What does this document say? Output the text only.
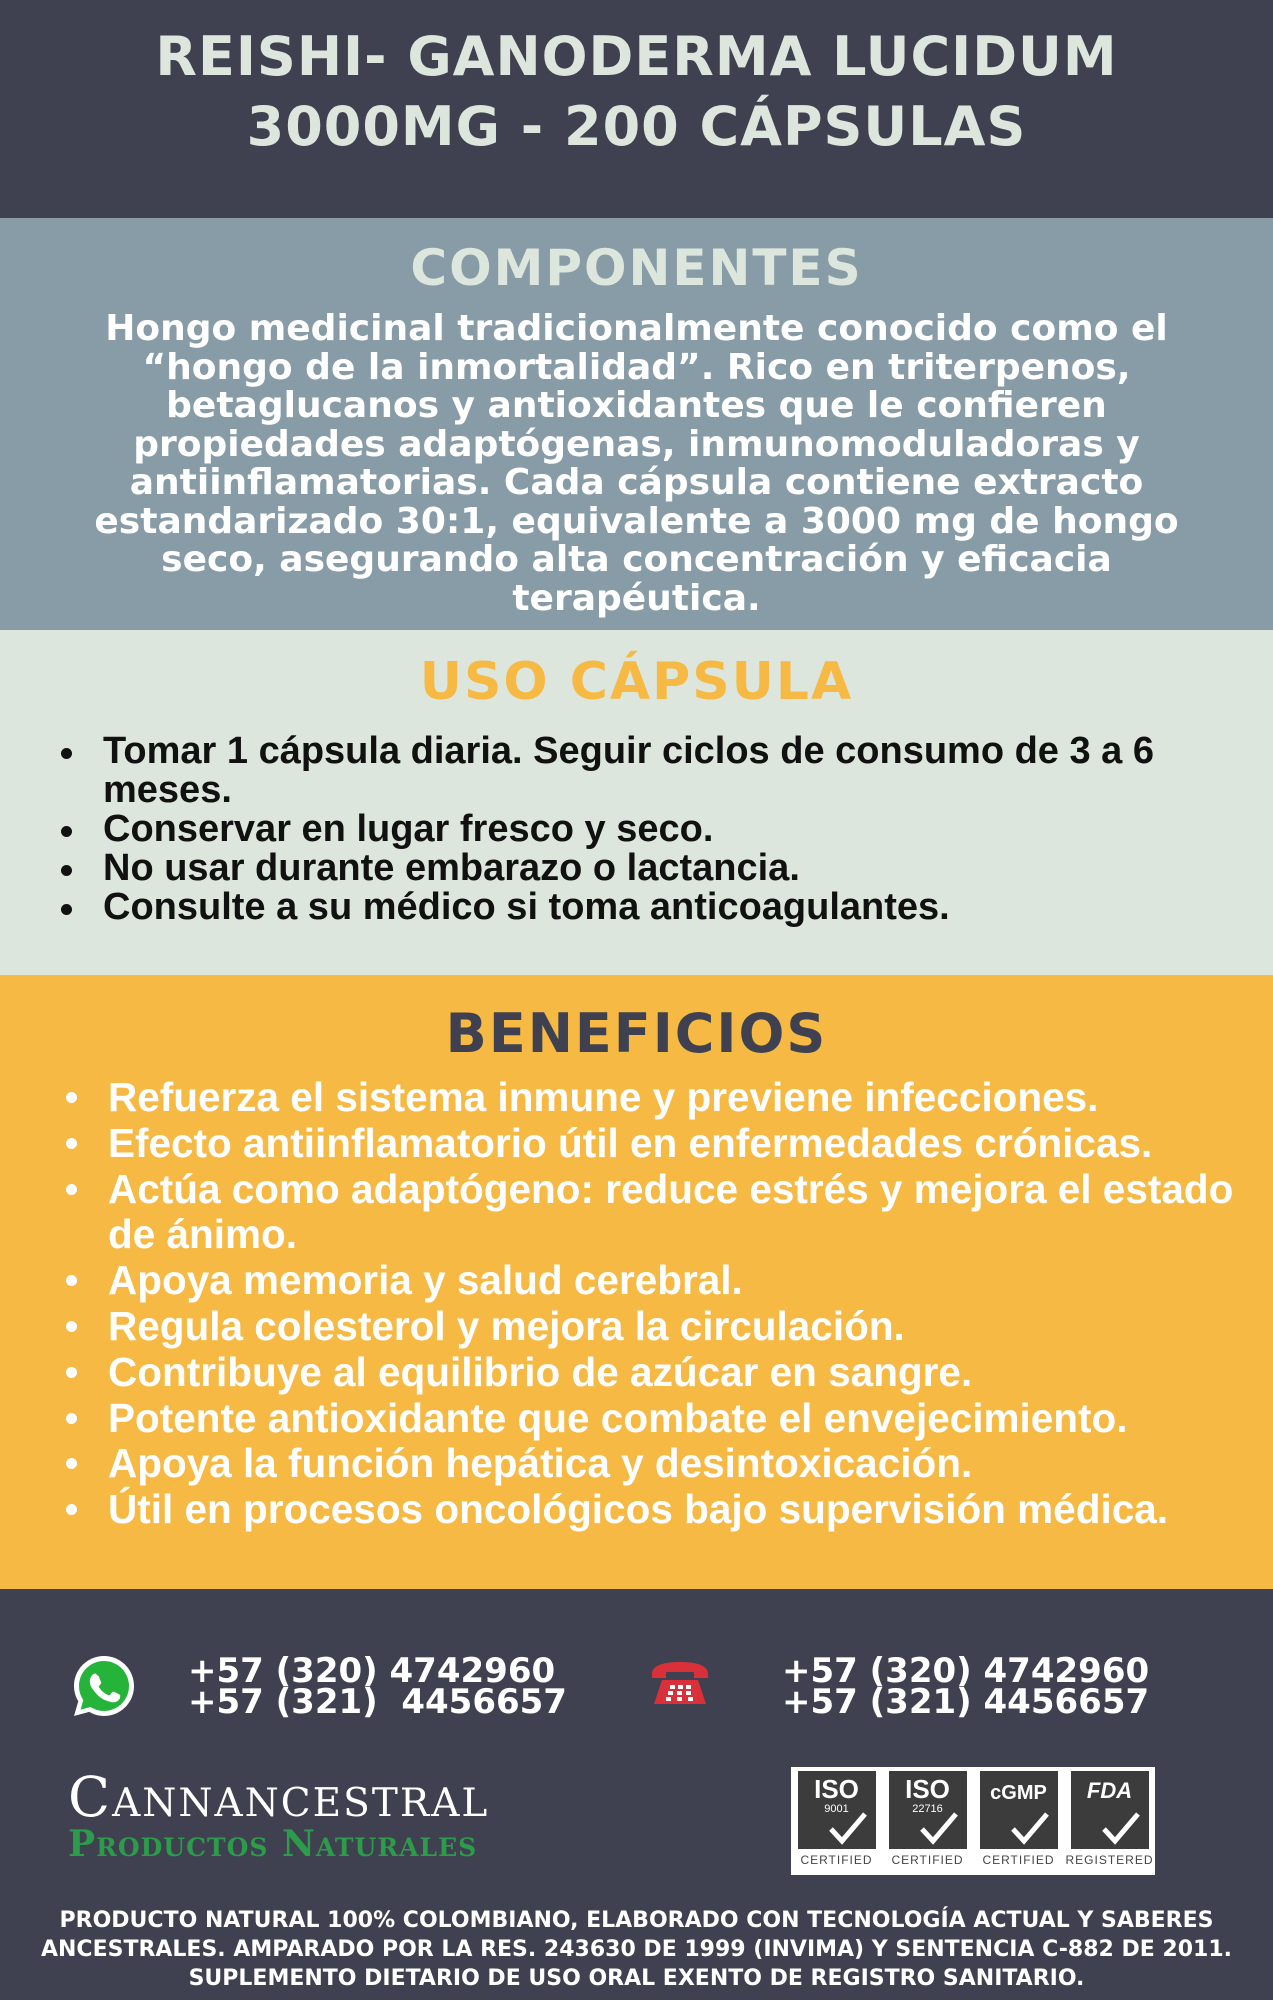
REISHI- GANODERMA LUCIDUM
3000MG - 200 CÁPSULAS
COMPONENTES

Hongo medicinal tradicionalmente conocido como el “hongo de la inmortalidad”. Rico en triterpenos, betaglucanos y antioxidantes que le confieren propiedades adaptógenas, inmunomoduladoras y antiinflamatorias. Cada cápsula contiene extracto estandarizado 30:1, equivalente a 3000 mg de hongo seco, asegurando alta concentración y eficacia terapéutica.

USO CÁPSULA
Tomar 1 cápsula diaria. Seguir ciclos de consumo de 3 a 6 meses.
Conservar en lugar fresco y seco.
No usar durante embarazo o lactancia.
Consulte a su médico si toma anticoagulantes.
BENEFICIOS
Refuerza el sistema inmune y previene infecciones.
Efecto antiinflamatorio útil en enfermedades crónicas.
Actúa como adaptógeno: reduce estrés y mejora el estado de ánimo.
Apoya memoria y salud cerebral.
Regula colesterol y mejora la circulación.
Contribuye al equilibrio de azúcar en sangre.
Potente antioxidante que combate el envejecimiento.
Apoya la función hepática y desintoxicación.
Útil en procesos oncológicos bajo supervisión médica.
+57 (320) 4742960
+57 (321)  4456657
+57 (320) 4742960
+57 (321) 4456657
Cannancestral
Productos Naturales
ISO
9001
CERTIFIED
ISO
22716
CERTIFIED
cGMP
CERTIFIED
FDA
REGISTERED
PRODUCTO NATURAL 100% COLOMBIANO, ELABORADO CON TECNOLOGÍA ACTUAL Y SABERES ANCESTRALES. AMPARADO POR LA RES. 243630 DE 1999 (INVIMA) Y SENTENCIA C-882 DE 2011. SUPLEMENTO DIETARIO DE USO ORAL EXENTO DE REGISTRO SANITARIO.
